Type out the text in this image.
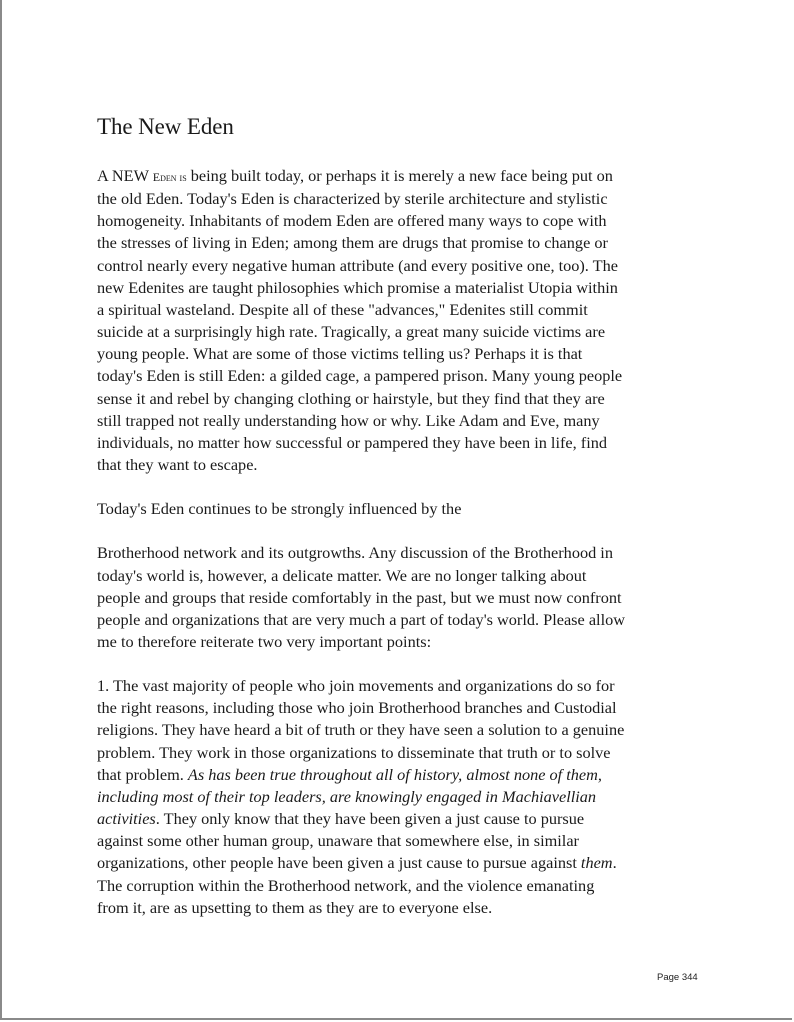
The New Eden
A NEW Eden is being built today, or perhaps it is merely a new face being put on
the old Eden. Today's Eden is characterized by sterile architecture and stylistic
homogeneity. Inhabitants of modem Eden are offered many ways to cope with
the stresses of living in Eden; among them are drugs that promise to change or
control nearly every negative human attribute (and every positive one, too). The
new Edenites are taught philosophies which promise a materialist Utopia within
a spiritual wasteland. Despite all of these "advances," Edenites still commit
suicide at a surprisingly high rate. Tragically, a great many suicide victims are
young people. What are some of those victims telling us? Perhaps it is that
today's Eden is still Eden: a gilded cage, a pampered prison. Many young people
sense it and rebel by changing clothing or hairstyle, but they find that they are
still trapped not really understanding how or why. Like Adam and Eve, many
individuals, no matter how successful or pampered they have been in life, find
that they want to escape.
Today's Eden continues to be strongly influenced by the
Brotherhood network and its outgrowths. Any discussion of the Brotherhood in
today's world is, however, a delicate matter. We are no longer talking about
people and groups that reside comfortably in the past, but we must now confront
people and organizations that are very much a part of today's world. Please allow
me to therefore reiterate two very important points:
1. The vast majority of people who join movements and organizations do so for
the right reasons, including those who join Brotherhood branches and Custodial
religions. They have heard a bit of truth or they have seen a solution to a genuine
problem. They work in those organizations to disseminate that truth or to solve
that problem. As has been true throughout all of history, almost none of them,
including most of their top leaders, are knowingly engaged in Machiavellian
activities. They only know that they have been given a just cause to pursue
against some other human group, unaware that somewhere else, in similar
organizations, other people have been given a just cause to pursue against them.
The corruption within the Brotherhood network, and the violence emanating
from it, are as upsetting to them as they are to everyone else.
Page 344
